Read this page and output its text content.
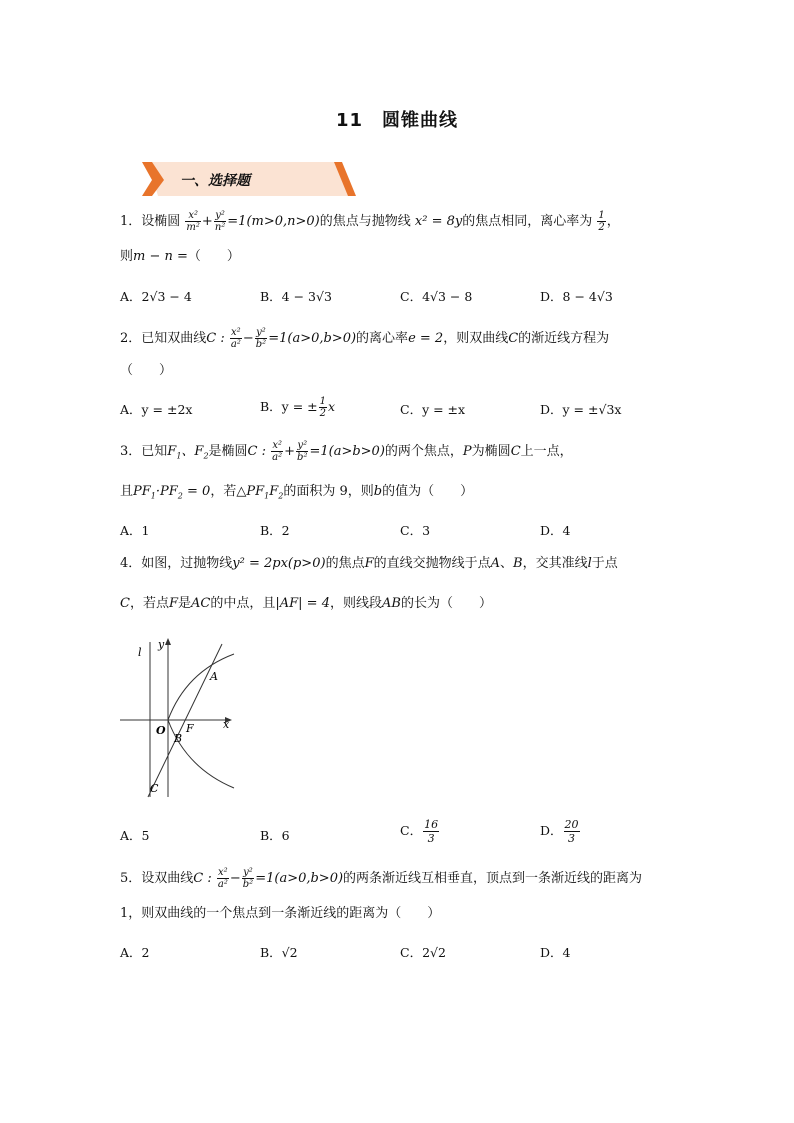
11　圆锥曲线
一、选择题
1．设椭圆 $\frac{\text{x²}}{\text{m²}} + \frac{\text{y²}}{\text{n²}} =1(m>0,n>0)$的焦点与抛物线 x² = 8y的焦点相同，离心率为 $\frac{1}{2}$ ，
则m − n =（　　）
A．2√3 − 4	B．4 − 3√3	C．4√3 − 8	D．8 − 4√3
2．已知双曲线C : $\frac{\text{x²}}{\text{a²}} - \frac{\text{y²}}{\text{b²}} =1(a>0,b>0)$的离心率e = 2，则双曲线C的渐近线方程为
（　　）
A．y = ±2x	B．y = ± $\frac{1}{2}$ x	C．y = ±x	D．y = ±√3x
3．已知$F_1$、$F_2$是椭圆C : $\frac{\text{x²}}{\text{a²}} + \frac{\text{y²}}{\text{b²}} =1(a>b>0)$的两个焦点，P为椭圆C上一点，
且$PF_1\cdot PF_2 = 0$，若$\triangle PF_1F_2$的面积为 9，则b的值为（　　）
A．1	B．2	C．3	D．4
4．如图，过抛物线y² = 2px(p>0)的焦点F的直线交抛物线于点A、B，交其准线l于点
C，若点F是AC的中点，且|AF| = 4，则线段AB的长为（　　）
l
y
x
O F
A
B
C
A．5	B．6	C． $\frac{16}{3}$	D． $\frac{20}{3}$
5．设双曲线C : $\frac{\text{x²}}{\text{a²}} - \frac{\text{y²}}{\text{b²}} =1(a>0,b>0)$的两条渐近线互相垂直，顶点到一条渐近线的距离为
1，则双曲线的一个焦点到一条渐近线的距离为（　　）
A．2	B．√2	C．2√2	D．4
